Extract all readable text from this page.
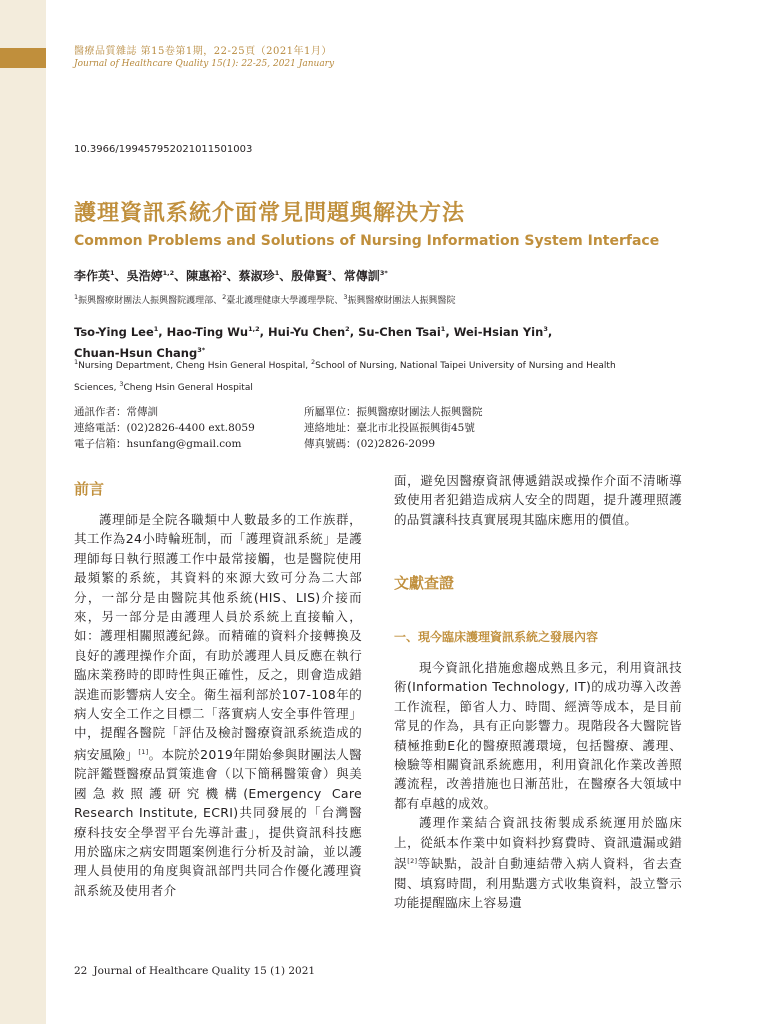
醫療品質雜誌 第15卷第1期，22-25頁（2021年1月）
Journal of Healthcare Quality 15(1): 22-25, 2021 January
10.3966/199457952021011501003
護理資訊系統介面常見問題與解決方法
Common Problems and Solutions of Nursing Information System Interface
李作英$^1$、吳浩婷$^{1,2}$、陳惠裕$^2$、蔡淑珍$^1$、殷偉賢$^3$、常傳訓$^{3*}$
$^1$振興醫療財團法人振興醫院護理部、$^2$臺北護理健康大學護理學院、$^3$振興醫療財團法人振興醫院
Tso-Ying Lee$^1$, Hao-Ting Wu$^{1,2}$, Hui-Yu Chen$^2$, Su-Chen Tsai$^1$, Wei-Hsian Yin$^3$,
Chuan-Hsun Chang$^{3*}$
$^1$Nursing Department, Cheng Hsin General Hospital, $^2$School of Nursing, National Taipei University of Nursing and Health Sciences, $^3$Cheng Hsin General Hospital
通訊作者：常傳訓
連絡電話：(02)2826-4400 ext.8059
電子信箱：hsunfang@gmail.com
所屬單位：振興醫療財團法人振興醫院
連絡地址：臺北市北投區振興街45號
傳真號碼：(02)2826-2099
前言

護理師是全院各職類中人數最多的工作族群，其工作為24小時輪班制，而「護理資訊系統」是護理師每日執行照護工作中最常接觸，也是醫院使用最頻繁的系統，其資料的來源大致可分為二大部分，一部分是由醫院其他系統(HIS、LIS)介接而來，另一部分是由護理人員於系統上直接輸入，如：護理相關照護紀錄。而精確的資料介接轉換及良好的護理操作介面，有助於護理人員反應在執行臨床業務時的即時性與正確性，反之，則會造成錯誤進而影響病人安全。衛生福利部於107-108年的病人安全工作之目標二「落實病人安全事件管理」中，提醒各醫院「評估及檢討醫療資訊系統造成的病安風險」[1]。本院於2019年開始參與財團法人醫院評鑑暨醫療品質策進會（以下簡稱醫策會）與美國急救照護研究機構(Emergency Care Research Institute, ECRI)共同發展的「台灣醫療科技安全學習平台先導計畫」，提供資訊科技應用於臨床之病安問題案例進行分析及討論，並以護理人員使用的角度與資訊部門共同合作優化護理資訊系統及使用者介

面，避免因醫療資訊傳遞錯誤或操作介面不清晰導致使用者犯錯造成病人安全的問題，提升護理照護的品質讓科技真實展現其臨床應用的價值。

文獻查證
一、現今臨床護理資訊系統之發展內容

現今資訊化措施愈趨成熟且多元，利用資訊技術(Information Technology, IT)的成功導入改善工作流程，節省人力、時間、經濟等成本，是目前常見的作為，具有正向影響力。現階段各大醫院皆積極推動E化的醫療照護環境，包括醫療、護理、檢驗等相關資訊系統應用，利用資訊化作業改善照護流程，改善措施也日漸茁壯，在醫療各大領域中都有卓越的成效。

護理作業結合資訊技術製成系統運用於臨床上，從紙本作業中如資料抄寫費時、資訊遺漏或錯誤[2]等缺點，設計自動連結帶入病人資料，省去查閱、填寫時間，利用點選方式收集資料，設立警示功能提醒臨床上容易遺

22 Journal of Healthcare Quality 15 (1) 2021
